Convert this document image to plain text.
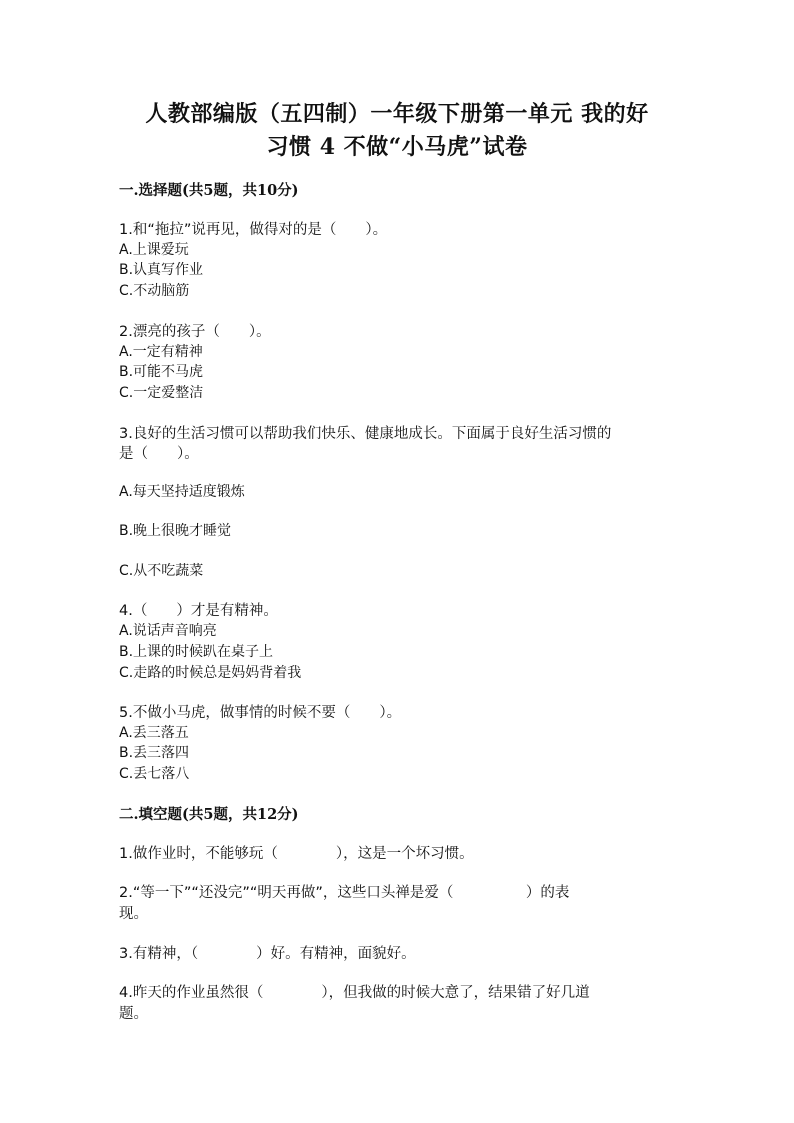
人教部编版（五四制）一年级下册第一单元 我的好
习惯 4 不做“小马虎”试卷
一.选择题(共5题，共10分)
1.和“拖拉”说再见，做得对的是（　　）。
A.上课爱玩
B.认真写作业
C.不动脑筋
2.漂亮的孩子（　　）。
A.一定有精神
B.可能不马虎
C.一定爱整洁
3.良好的生活习惯可以帮助我们快乐、健康地成长。下面属于良好生活习惯的
是（　　）。
A.每天坚持适度锻炼
B.晚上很晚才睡觉
C.从不吃蔬菜
4.（　　）才是有精神。
A.说话声音响亮
B.上课的时候趴在桌子上
C.走路的时候总是妈妈背着我
5.不做小马虎，做事情的时候不要（　　）。
A.丢三落五
B.丢三落四
C.丢七落八
二.填空题(共5题，共12分)
1.做作业时，不能够玩（　　　　），这是一个坏习惯。
2.“等一下”“还没完”“明天再做”，这些口头禅是爱（　　　　　）的表
现。
3.有精神，（　　　　）好。有精神，面貌好。
4.昨天的作业虽然很（　　　　），但我做的时候大意了，结果错了好几道
题。
